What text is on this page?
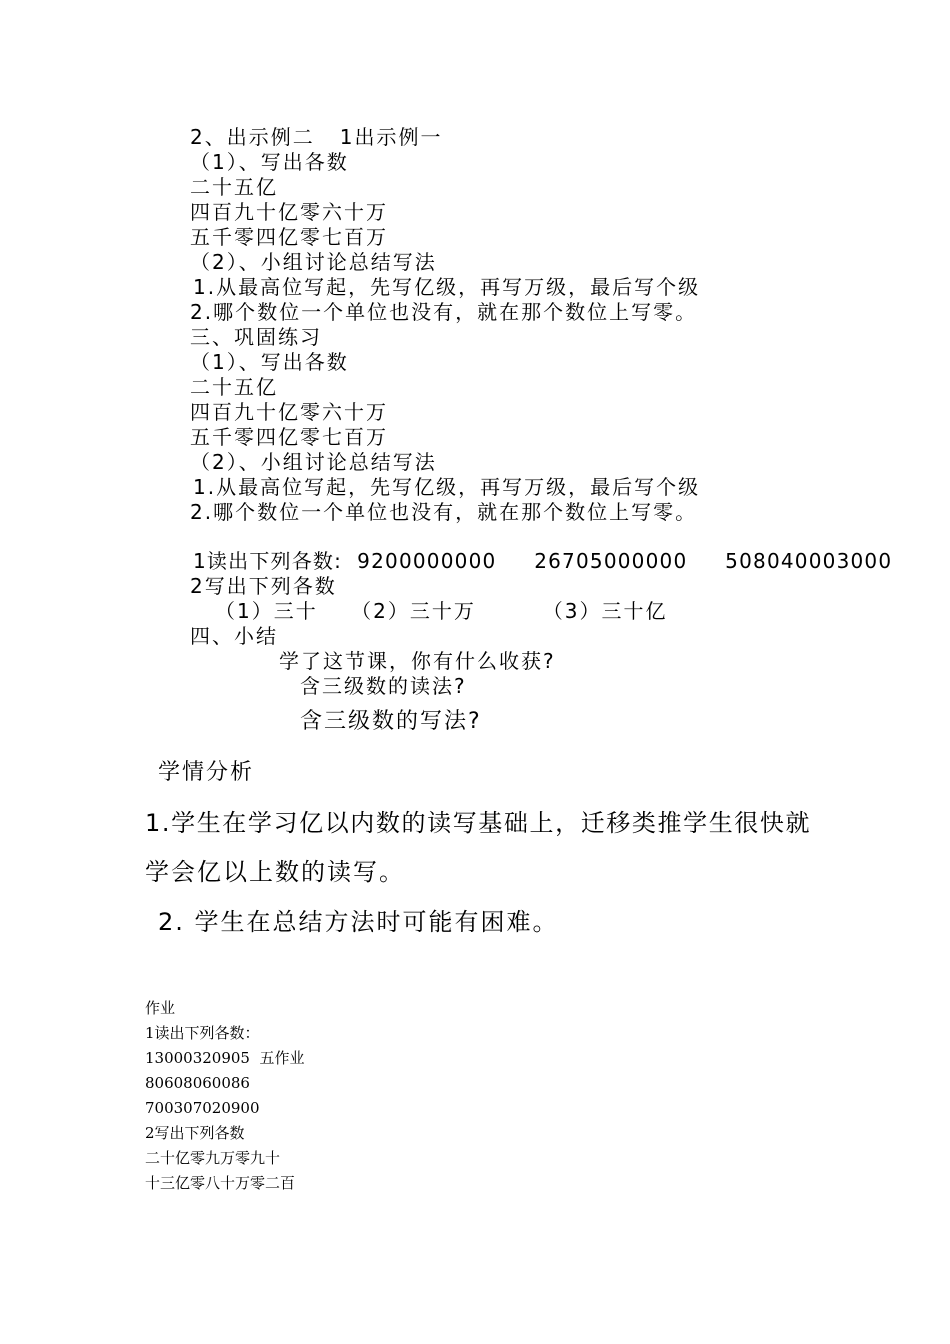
2、出示例二   1出示例一
（1）、写出各数
二十五亿
四百九十亿零六十万
五千零四亿零七百万
（2）、小组讨论总结写法
1.从最高位写起，先写亿级，再写万级，最后写个级
2.哪个数位一个单位也没有，就在那个数位上写零。
三、巩固练习
（1）、写出各数
二十五亿
四百九十亿零六十万
五千零四亿零七百万
（2）、小组讨论总结写法
1.从最高位写起，先写亿级，再写万级，最后写个级
2.哪个数位一个单位也没有，就在那个数位上写零。
1读出下列各数:  9200000000     26705000000     508040003000
2写出下列各数
（1）三十    （2）三十万        （3）三十亿
四、小结
学了这节课，你有什么收获?
含三级数的读法?
含三级数的写法?
学情分析
1.学生在学习亿以内数的读写基础上，迁移类推学生很快就
学会亿以上数的读写。
2. 学生在总结方法时可能有困难。
作业
1读出下列各数：
13000320905  五作业
80608060086
700307020900
2写出下列各数
二十亿零九万零九十
十三亿零八十万零二百
